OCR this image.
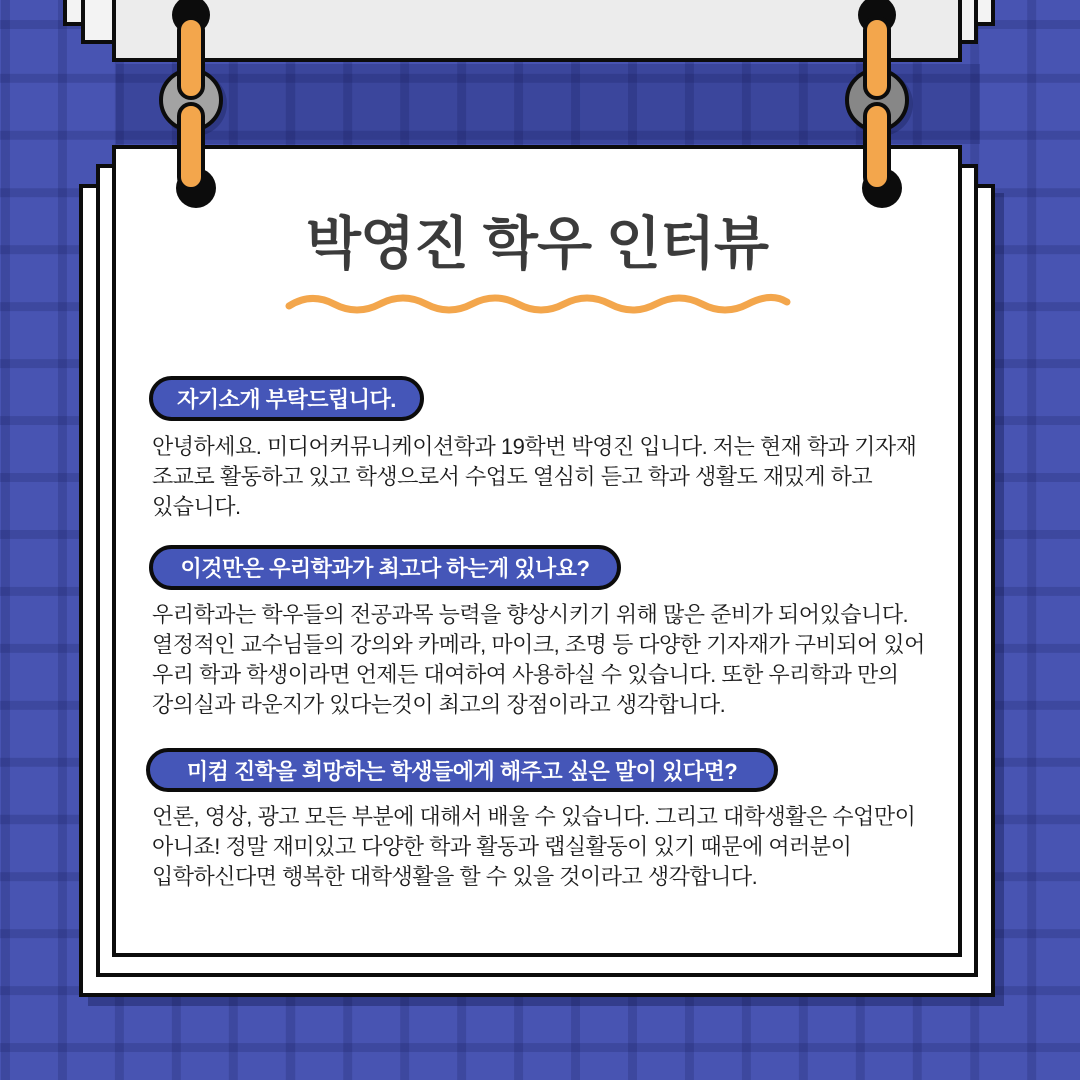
박영진 학우 인터뷰
자기소개 부탁드립니다.
안녕하세요. 미디어커뮤니케이션학과 19학번 박영진 입니다. 저는 현재 학과 기자재 조교로 활동하고 있고 학생으로서 수업도 열심히 듣고 학과 생활도 재밌게 하고 있습니다.
이것만은 우리학과가 최고다 하는게 있나요?
우리학과는 학우들의 전공과목 능력을 향상시키기 위해 많은 준비가 되어있습니다. 열정적인 교수님들의 강의와 카메라, 마이크, 조명 등 다양한 기자재가 구비되어 있어 우리 학과 학생이라면 언제든 대여하여 사용하실 수 있습니다. 또한 우리학과 만의 강의실과 라운지가 있다는것이 최고의 장점이라고 생각합니다.
미컴 진학을 희망하는 학생들에게 해주고 싶은 말이 있다면?
언론, 영상, 광고 모든 부분에 대해서 배울 수 있습니다. 그리고 대학생활은 수업만이 아니죠! 정말 재미있고 다양한 학과 활동과 랩실활동이 있기 때문에 여러분이 입학하신다면 행복한 대학생활을 할 수 있을 것이라고 생각합니다.
